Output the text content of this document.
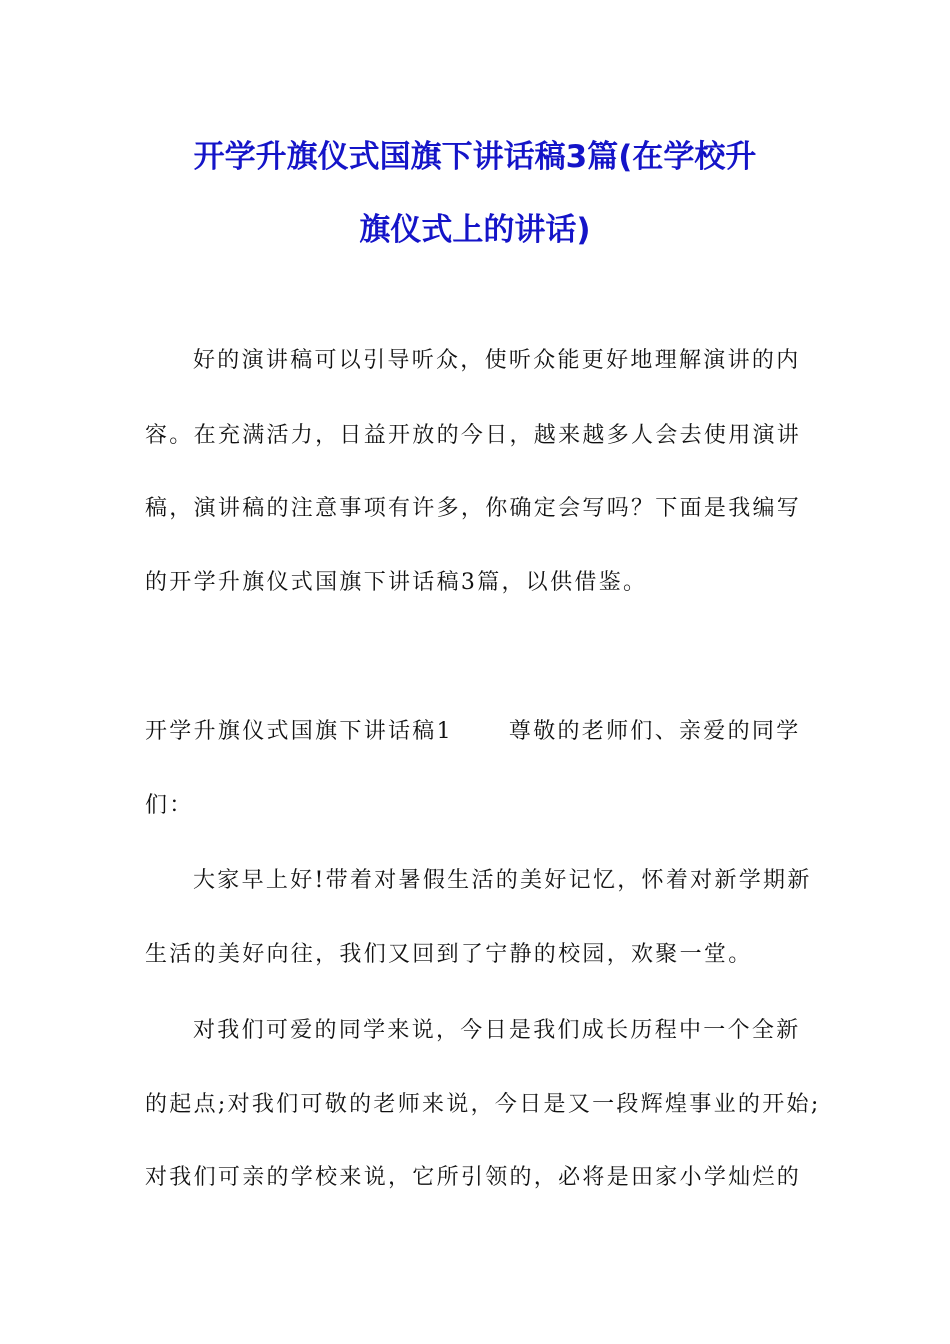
开学升旗仪式国旗下讲话稿3篇(在学校升
旗仪式上的讲话)

好的演讲稿可以引导听众，使听众能更好地理解演讲的内

容。在充满活力，日益开放的今日，越来越多人会去使用演讲

稿，演讲稿的注意事项有许多，你确定会写吗？下面是我编写

的开学升旗仪式国旗下讲话稿3篇，以供借鉴。

开学升旗仪式国旗下讲话稿1	尊敬的老师们、亲爱的同学

们：

大家早上好!带着对暑假生活的美好记忆，怀着对新学期新

生活的美好向往，我们又回到了宁静的校园，欢聚一堂。

对我们可爱的同学来说，今日是我们成长历程中一个全新

的起点;对我们可敬的老师来说，今日是又一段辉煌事业的开始;

对我们可亲的学校来说，它所引领的，必将是田家小学灿烂的
